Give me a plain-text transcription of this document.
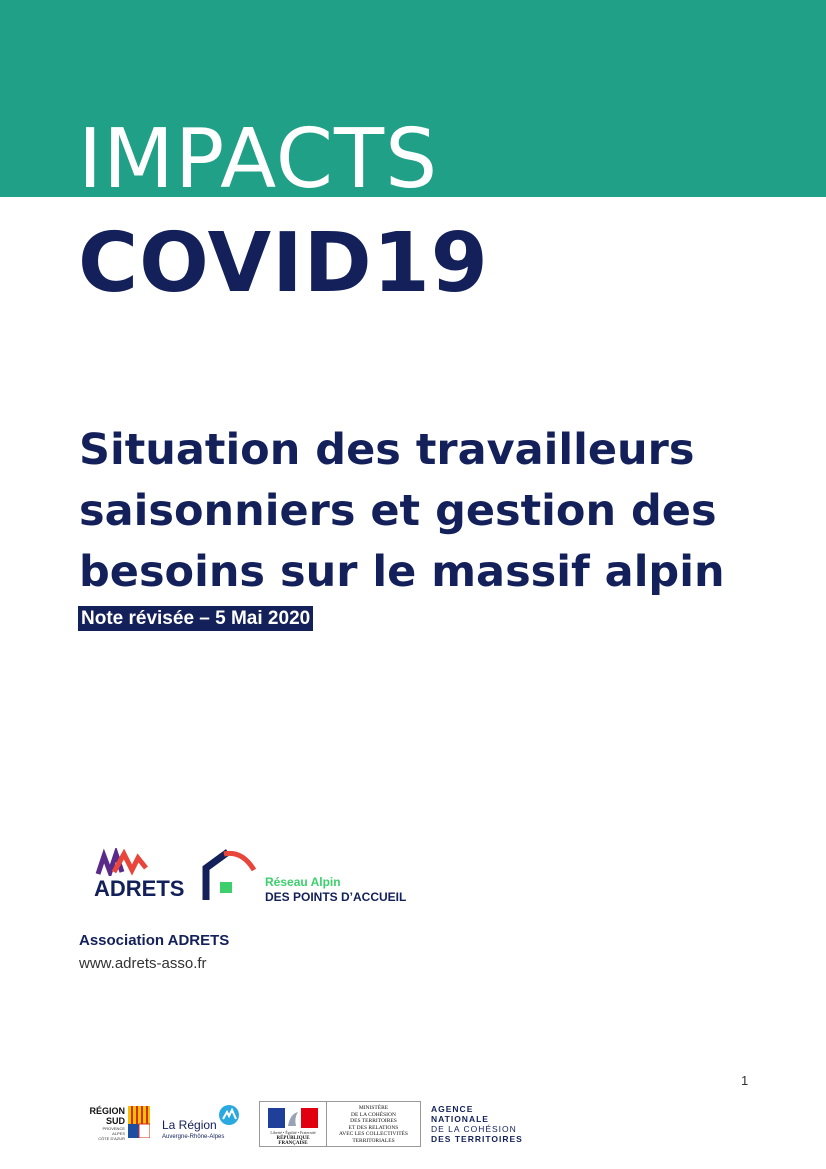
IMPACTS
COVID19
Situation des travailleurs
saisonniers et gestion des
besoins sur le massif alpin
Note révisée – 5 Mai 2020
ADRETS	Réseau Alpin
DES POINTS D’ACCUEIL
Association ADRETS
www.adrets-asso.fr
1
RÉGION
SUD
PROVENCE
ALPES
CÔTE D'AZUR
La Région
Auvergne-Rhône-Alpes
Liberté • Égalité • Fraternité
RÉPUBLIQUE FRANÇAISE
MINISTÈRE
DE LA COHÉSION
DES TERRITOIRES
ET DES RELATIONS
AVEC LES COLLECTIVITÉS
TERRITORIALES
AGENCE
NATIONALE
DE LA COHÉSION
DES TERRITOIRES
